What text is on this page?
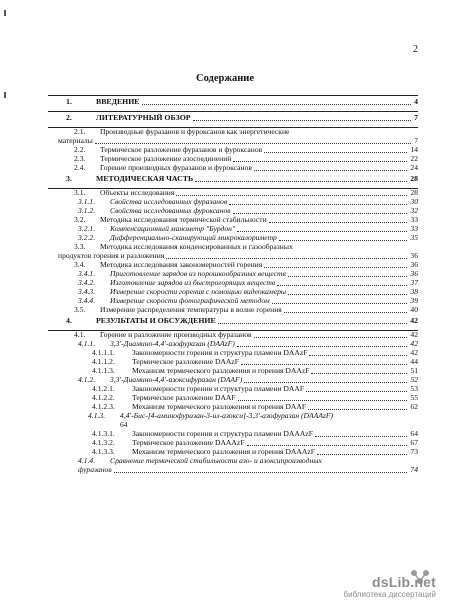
2
Содержание
1.	ВВЕДЕНИЕ	4
2.	ЛИТЕРАТУРНЫЙ ОБЗОР	7
2.1. Производные фуразанов и фуроксанов как энергетические
материалы	7
2.2. Термическое разложение фуразанов и фуроксанов	14
2.3. Термическое разложение азосоединений	22
2.4. Горение производных фуразанов и фуроксанов	24
3.	МЕТОДИЧЕСКАЯ ЧАСТЬ	28
3.1. Объекты исследования	28
3.1.1. Свойства исследованных фуразанов	30
3.1.2. Свойства исследованных фуроксанов	32
3.2. Методика исследования термической стабильности	33
3.2.1. Компенсационный манометр "Бурдон"	33
3.2.2. Дифференциально-сканирующий микрокалориметр	35
3.3. Методика исследования конденсированных и газообразных
продуктов горения и разложения	36
3.4. Методика исследования закономерностей горения	36
3.4.1. Приготовление зарядов из порошкообразных веществ	36
3.4.2. Изготовление зарядов из быстрогорящих веществ	37
3.4.3. Измерение скорости горения с помощью видеокамеры	38
3.4.4. Измерение скорости фотографической методом	39
3.5. Измерение распределения температуры в волне горения	40
4.	РЕЗУЛЬТАТЫ И ОБСУЖДЕНИЕ	42
4.1. Горение и разложение производных фуразанов	42
4.1.1. 3,3'-Диамино-4,4'-азофуразан (DAAzF)	42
4.1.1.1. Закономерности горения и структура пламени DAAzF	42
4.1.1.2. Термическое разложение DAAzF	44
4.1.1.3. Механизм термического разложения и горения DAAzF	51
4.1.2. 3,3'-Диамино-4,4'-азоксифуразан (DAAF)	52
4.1.2.1. Закономерности горения и структура пламени DAAF	53
4.1.2.2. Термическое разложение DAAF	55
4.1.2.3. Механизм термического разложения и горения DAAF	62
4.1.3. 4,4'-Бис-[4-аминофуразан-3-ил-азокси]-3,3'-азофуразан (DAAAzF)
64
4.1.3.1. Закономерности горения и структура пламени DAAAzF	64
4.1.3.2. Термическое разложение DAAAzF	67
4.1.3.3. Механизм термического разложения и горения DAAAzF	73
4.1.4. Сравнение термической стабильности азо- и азоксипроизводных
фуразанов	74
dsLib.net
библиотека диссертаций
